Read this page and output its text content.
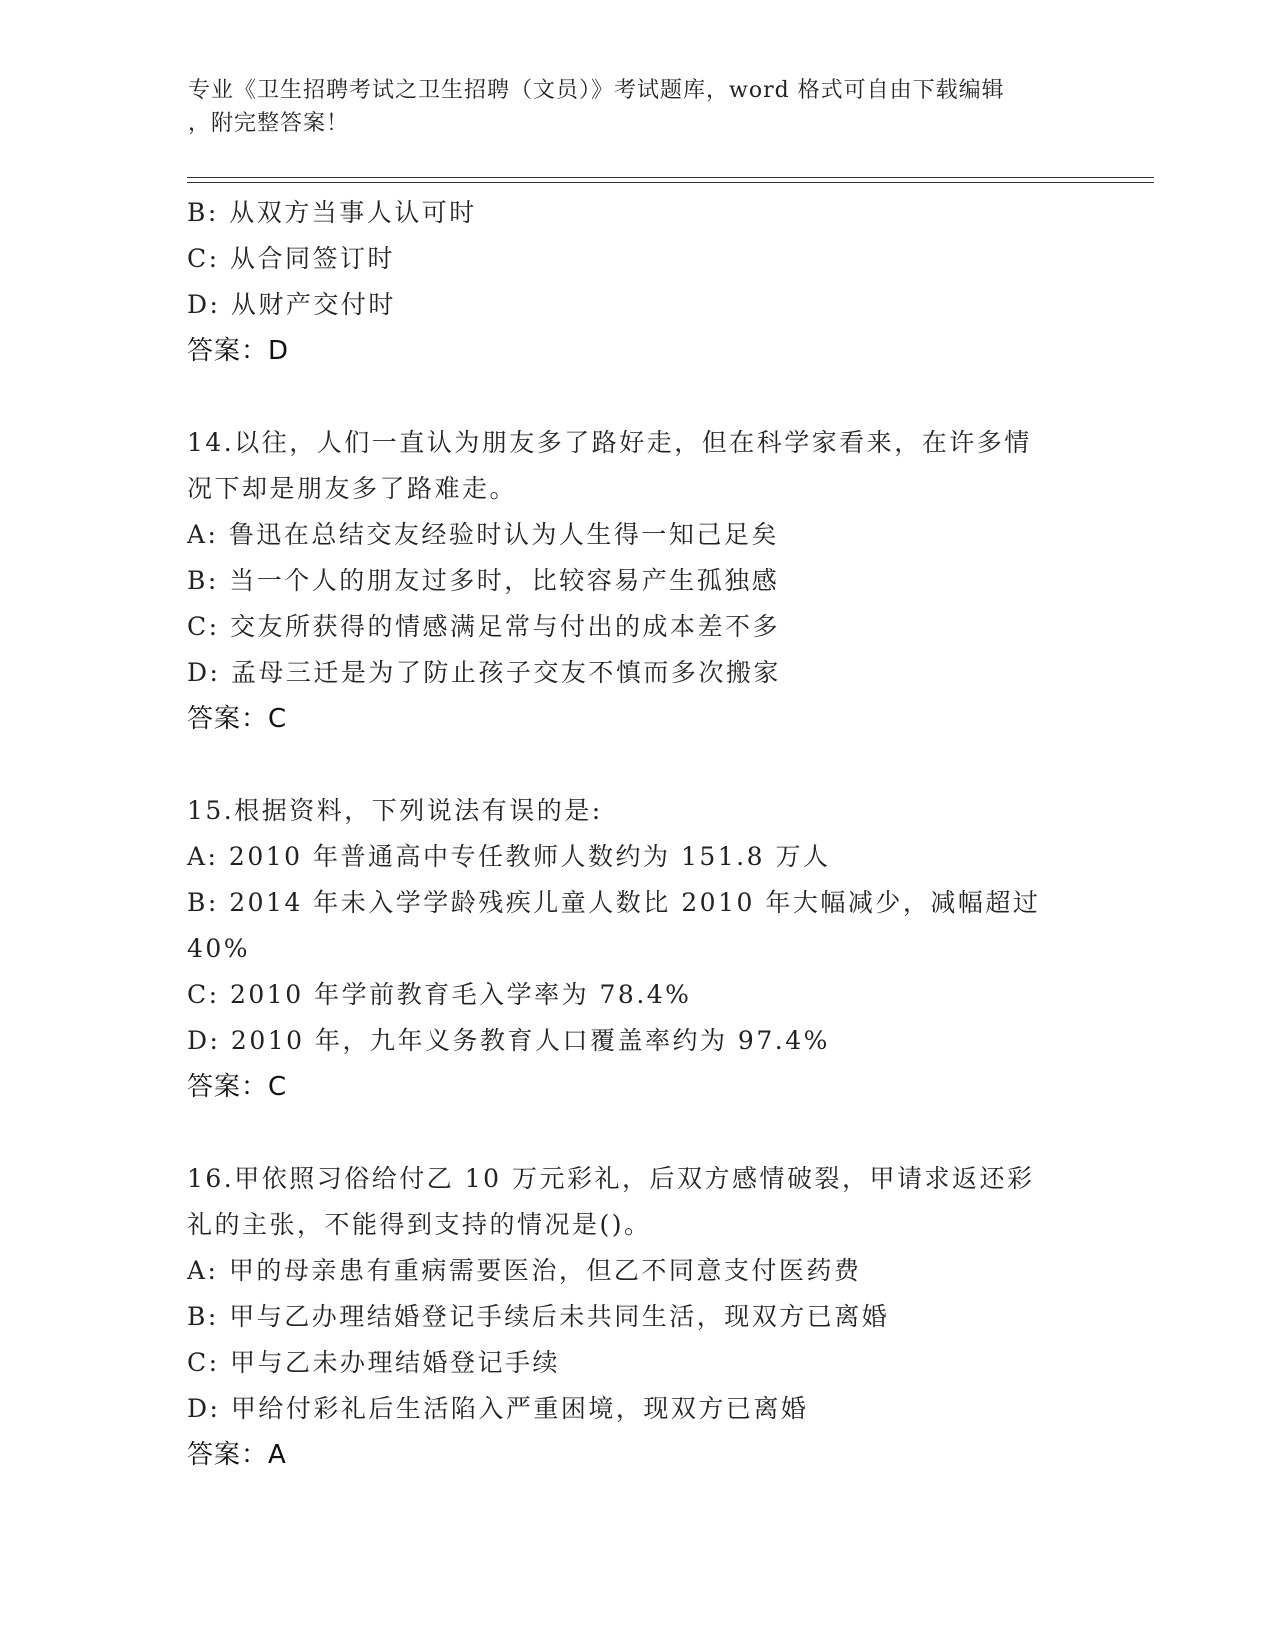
专业《卫生招聘考试之卫生招聘（文员）》考试题库，word 格式可自由下载编辑
，附完整答案！
B: 从双方当事人认可时
C: 从合同签订时
D: 从财产交付时
答案：D
14.以往，人们一直认为朋友多了路好走，但在科学家看来，在许多情
况下却是朋友多了路难走。
A: 鲁迅在总结交友经验时认为人生得一知己足矣
B: 当一个人的朋友过多时，比较容易产生孤独感
C: 交友所获得的情感满足常与付出的成本差不多
D: 孟母三迁是为了防止孩子交友不慎而多次搬家
答案：C
15.根据资料，下列说法有误的是:
A: 2010 年普通高中专任教师人数约为 151.8 万人
B: 2014 年未入学学龄残疾儿童人数比 2010 年大幅减少，减幅超过
40%
C: 2010 年学前教育毛入学率为 78.4%
D: 2010 年，九年义务教育人口覆盖率约为 97.4%
答案：C
16.甲依照习俗给付乙 10 万元彩礼，后双方感情破裂，甲请求返还彩
礼的主张，不能得到支持的情况是()。
A: 甲的母亲患有重病需要医治，但乙不同意支付医药费
B: 甲与乙办理结婚登记手续后未共同生活，现双方已离婚
C: 甲与乙未办理结婚登记手续
D: 甲给付彩礼后生活陷入严重困境，现双方已离婚
答案：A
